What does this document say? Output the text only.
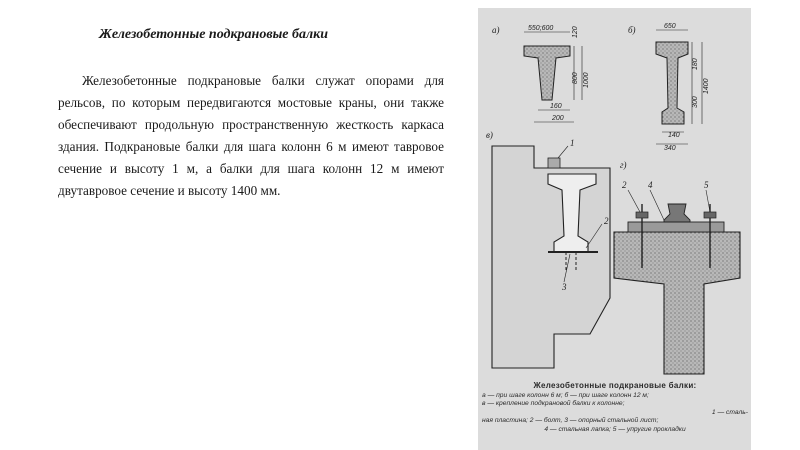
Железобетонные подкрановые балки

Железобетонные подкрановые балки служат опорами для рельсов, по которым передвигаются мостовые краны, они также обеспечивают продольную пространственную жесткость каркаса здания. Подкрановые балки для шага колонн 6 м имеют тавровое сечение и высоту 1 м, а балки для шага колонн 12 м имеют двутавровое сечение и высоту 1400 мм.

а)	550;600	120
800 1000
160
200
б)	650
180
300
1400
140
340
в)
1
2
3
г)
2 4	5
Железобетонные подкрановые балки:
а — при шаге колонн 6 м; б — при шаге колонн 12 м;
в — крепление подкрановой балки к колонне;
1 — сталь-
ная пластина; 2 — болт, 3 — опорный стальной лист;
4 — стальная лапка; 5 — упругие прокладки
